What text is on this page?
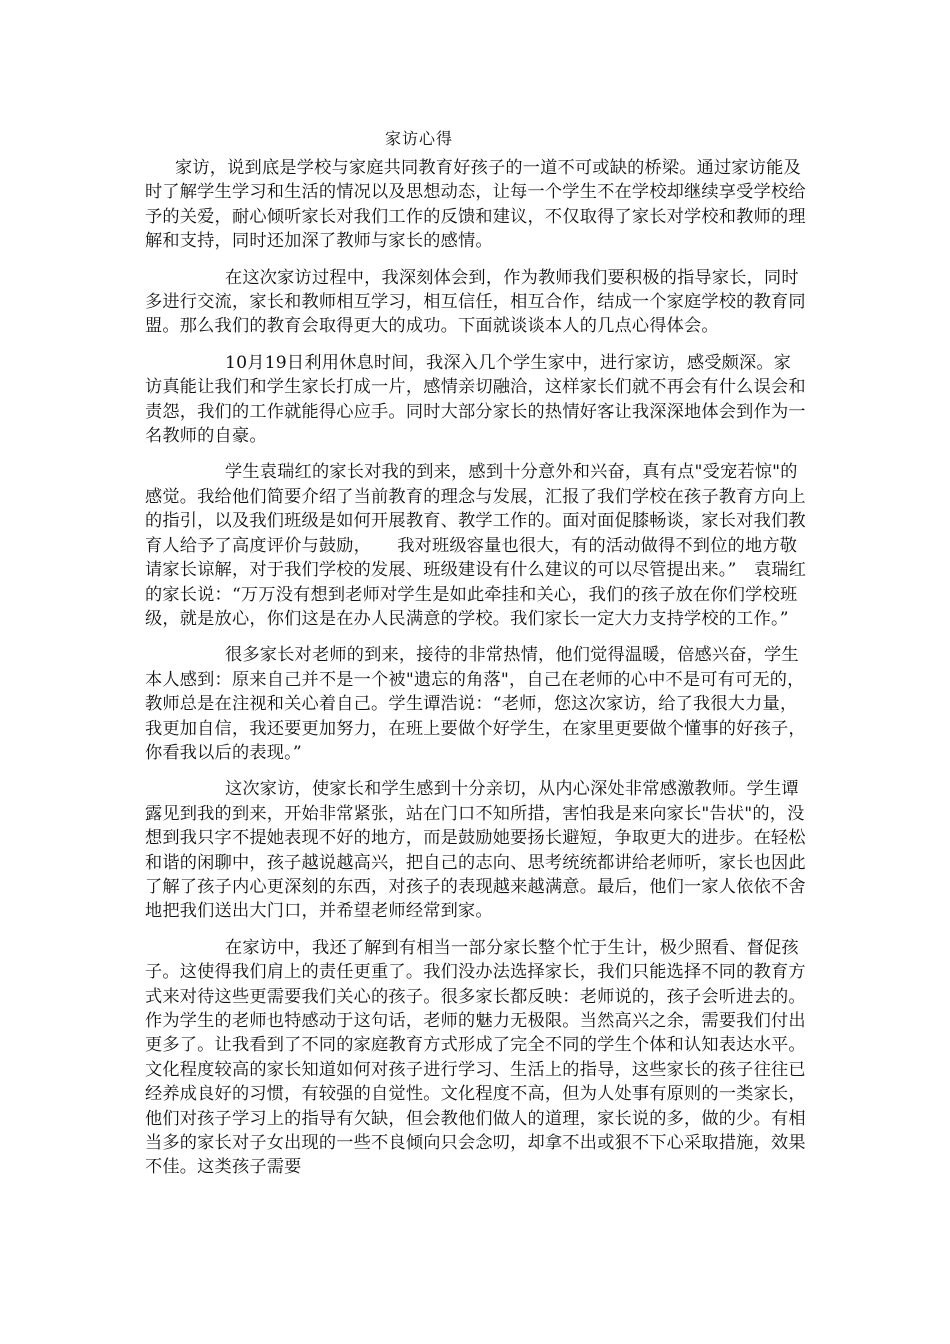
家访心得

家访，说到底是学校与家庭共同教育好孩子的一道不可或缺的桥梁。通过家访能及时了解学生学习和生活的情况以及思想动态，让每一个学生不在学校却继续享受学校给予的关爱，耐心倾听家长对我们工作的反馈和建议，不仅取得了家长对学校和教师的理解和支持，同时还加深了教师与家长的感情。

在这次家访过程中，我深刻体会到，作为教师我们要积极的指导家长，同时多进行交流，家长和教师相互学习，相互信任，相互合作，结成一个家庭学校的教育同盟。那么我们的教育会取得更大的成功。下面就谈谈本人的几点心得体会。

10月19日利用休息时间，我深入几个学生家中，进行家访，感受颇深。家访真能让我们和学生家长打成一片，感情亲切融洽，这样家长们就不再会有什么误会和责怨，我们的工作就能得心应手。同时大部分家长的热情好客让我深深地体会到作为一名教师的自豪。

学生袁瑞红的家长对我的到来，感到十分意外和兴奋，真有点"受宠若惊"的感觉。我给他们简要介绍了当前教育的理念与发展，汇报了我们学校在孩子教育方向上的指引，以及我们班级是如何开展教育、教学工作的。面对面促膝畅谈，家长对我们教育人给予了高度评价与鼓励，　　我对班级容量也很大，有的活动做得不到位的地方敬请家长谅解，对于我们学校的发展、班级建设有什么建议的可以尽管提出来。”　袁瑞红的家长说：“万万没有想到老师对学生是如此牵挂和关心，我们的孩子放在你们学校班级，就是放心，你们这是在办人民满意的学校。我们家长一定大力支持学校的工作。”

很多家长对老师的到来，接待的非常热情，他们觉得温暖，倍感兴奋，学生本人感到：原来自己并不是一个被"遗忘的角落"，自己在老师的心中不是可有可无的，教师总是在注视和关心着自己。学生谭浩说：“老师，您这次家访，给了我很大力量，我更加自信，我还要更加努力，在班上要做个好学生，在家里更要做个懂事的好孩子，你看我以后的表现。”

这次家访，使家长和学生感到十分亲切，从内心深处非常感激教师。学生谭露见到我的到来，开始非常紧张，站在门口不知所措，害怕我是来向家长"告状"的，没想到我只字不提她表现不好的地方，而是鼓励她要扬长避短，争取更大的进步。在轻松和谐的闲聊中，孩子越说越高兴，把自己的志向、思考统统都讲给老师听，家长也因此了解了孩子内心更深刻的东西，对孩子的表现越来越满意。最后，他们一家人依依不舍地把我们送出大门口，并希望老师经常到家。

在家访中，我还了解到有相当一部分家长整个忙于生计，极少照看、督促孩子。这使得我们肩上的责任更重了。我们没办法选择家长，我们只能选择不同的教育方式来对待这些更需要我们关心的孩子。很多家长都反映：老师说的，孩子会听进去的。作为学生的老师也特感动于这句话，老师的魅力无极限。当然高兴之余，需要我们付出更多了。让我看到了不同的家庭教育方式形成了完全不同的学生个体和认知表达水平。文化程度较高的家长知道如何对孩子进行学习、生活上的指导，这些家长的孩子往往已经养成良好的习惯，有较强的自觉性。文化程度不高，但为人处事有原则的一类家长，他们对孩子学习上的指导有欠缺，但会教他们做人的道理，家长说的多，做的少。有相当多的家长对子女出现的一些不良倾向只会念叨，却拿不出或狠不下心采取措施，效果不佳。这类孩子需要
